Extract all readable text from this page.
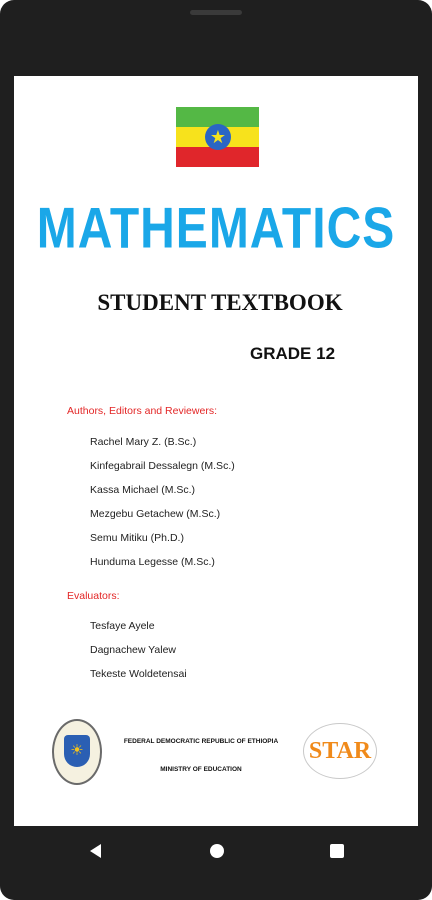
★
MATHEMATICS
STUDENT TEXTBOOK
GRADE 12
Authors, Editors and Reviewers:
Rachel Mary Z. (B.Sc.)
Kinfegabrail Dessalegn (M.Sc.)
Kassa Michael (M.Sc.)
Mezgebu Getachew (M.Sc.)
Semu Mitiku (Ph.D.)
Hunduma Legesse (M.Sc.)
Evaluators:
Tesfaye Ayele
Dagnachew Yalew
Tekeste Woldetensai
☀
FEDERAL DEMOCRATIC REPUBLIC OF ETHIOPIA
MINISTRY OF EDUCATION
STAR
